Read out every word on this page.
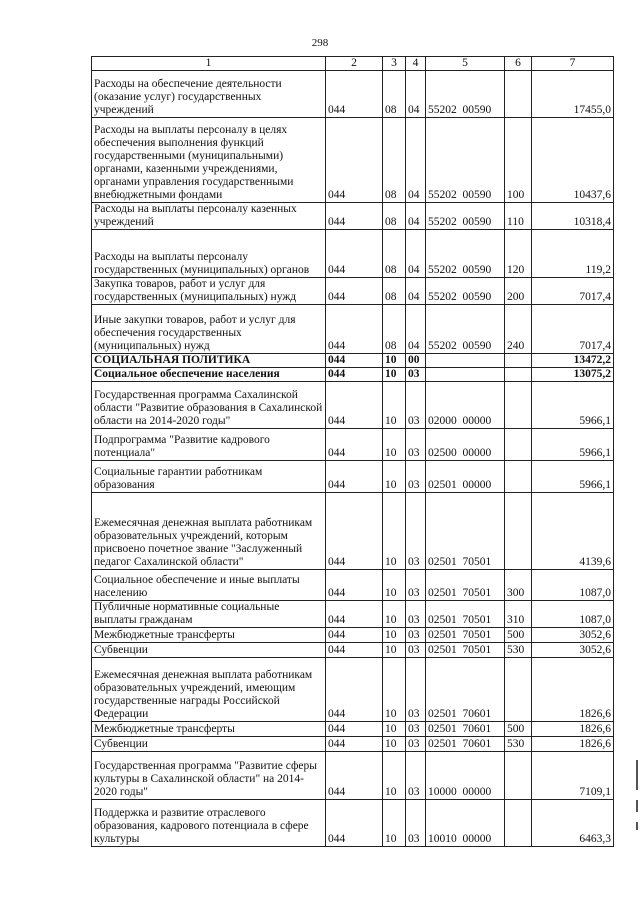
298
1	2	3	4	5	6	7
Расходы на обеспечение деятельности (оказание услуг) государственных учреждений	044	08	04	55202  00590		17455,0
Расходы на выплаты персоналу в целях обеспечения выполнения функций государственными (муниципальными) органами, казенными учреждениями, органами управления государственными внебюджетными фондами	044	08	04	55202  00590	100	10437,6
Расходы на выплаты персоналу казенных учреждений	044	08	04	55202  00590	110	10318,4
Расходы на выплаты персоналу государственных (муниципальных) органов	044	08	04	55202  00590	120	119,2
Закупка товаров, работ и услуг для государственных (муниципальных) нужд	044	08	04	55202  00590	200	7017,4
Иные закупки товаров, работ и услуг для обеспечения государственных (муниципальных) нужд	044	08	04	55202  00590	240	7017,4
СОЦИАЛЬНАЯ ПОЛИТИКА	044	10	00			13472,2
Социальное обеспечение населения	044	10	03			13075,2
Государственная программа Сахалинской области "Развитие образования в Сахалинской области на 2014-2020 годы"	044	10	03	02000  00000		5966,1
Подпрограмма "Развитие кадрового потенциала"	044	10	03	02500  00000		5966,1
Социальные гарантии работникам образования	044	10	03	02501  00000		5966,1
Ежемесячная денежная выплата работникам образовательных учреждений, которым присвоено почетное звание "Заслуженный педагог Сахалинской области"	044	10	03	02501  70501		4139,6
Социальное обеспечение и иные выплаты населению	044	10	03	02501  70501	300	1087,0
Публичные нормативные социальные выплаты гражданам	044	10	03	02501  70501	310	1087,0
Межбюджетные трансферты	044	10	03	02501  70501	500	3052,6
Субвенции	044	10	03	02501  70501	530	3052,6
Ежемесячная денежная выплата работникам образовательных учреждений, имеющим государственные награды Российской Федерации	044	10	03	02501  70601		1826,6
Межбюджетные трансферты	044	10	03	02501  70601	500	1826,6
Субвенции	044	10	03	02501  70601	530	1826,6
Государственная программа "Развитие сферы культуры в Сахалинской области" на 2014-2020 годы"	044	10	03	10000  00000		7109,1
Поддержка и развитие отраслевого образования, кадрового потенциала в сфере культуры	044	10	03	10010  00000		6463,3
